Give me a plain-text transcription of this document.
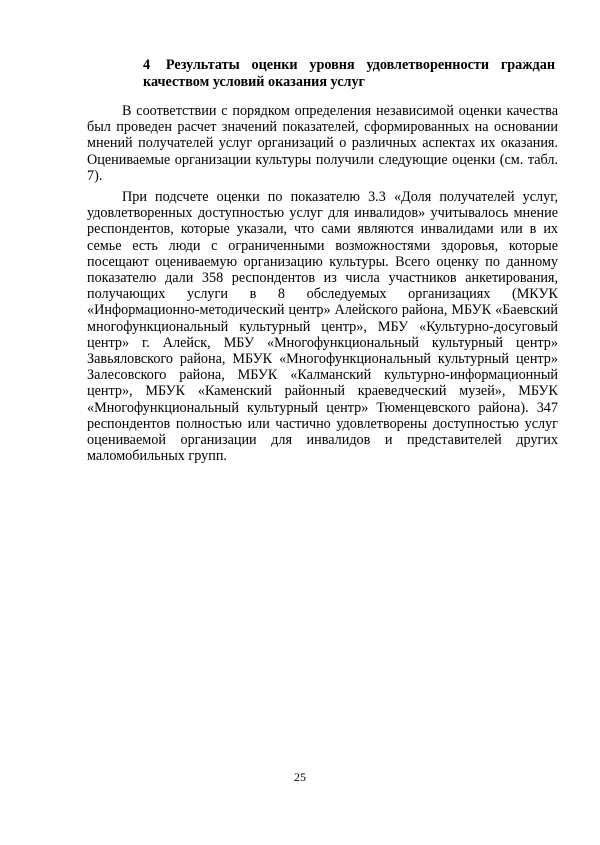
4 Результаты оценки уровня удовлетворенности граждан качеством условий оказания услуг

В соответствии с порядком определения независимой оценки качества был проведен расчет значений показателей, сформированных на основании мнений получателей услуг организаций о различных аспектах их оказания. Оцениваемые организации культуры получили следующие оценки (см. табл. 7).

При подсчете оценки по показателю 3.3 «Доля получателей услуг, удовлетворенных доступностью услуг для инвалидов» учитывалось мнение респондентов, которые указали, что сами являются инвалидами или в их семье есть люди с ограниченными возможностями здоровья, которые посещают оцениваемую организацию культуры. Всего оценку по данному показателю дали 358 респондентов из числа участников анкетирования, получающих услуги в 8 обследуемых организациях (МКУК «Информационно-методический центр» Алейского района, МБУК «Баевский многофункциональный культурный центр», МБУ «Культурно-досуговый центр» г. Алейск, МБУ «Многофункциональный культурный центр» Завьяловского района, МБУК «Многофункциональный культурный центр» Залесовского района, МБУК «Калманский культурно-информационный центр», МБУК «Каменский районный краеведческий музей», МБУК «Многофункциональный культурный центр» Тюменцевского района). 347 респондентов полностью или частично удовлетворены доступностью услуг оцениваемой организации для инвалидов и представителей других маломобильных групп.

25
